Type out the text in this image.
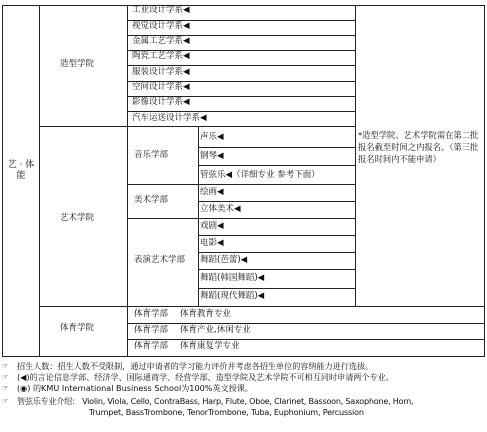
艺 · 体
能
造型学院
艺术学院
体育学院
工业设计学系◀
视觉设计学系◀
金属工艺学系◀
陶瓷工艺学系◀
服装设计学系◀
空间设计学系◀
影像设计学系◀
汽车运送设计学系◀
音乐学部
美术学部
表演艺术学部
声乐◀
钢琴◀
管弦乐◀（详细专业 参考下面）
绘画◀
立体美术◀
戏剧◀
电影◀
舞蹈(芭蕾)◀
舞蹈(韩国舞蹈)◀
舞蹈(现代舞蹈)◀
体育学部 体育教育专业
体育学部 体育产业,休闲专业
体育学部 体育康复学专业
*造型学院、艺术学院需在第二批报名截至时间之内报名。（第三批报名时间内不能申请）
☞ 招生人数：招生人数不受限制，通过申请者的学习能力评价并考虑各招生单位的容纳能力进行选拔。
☞ (◀)的言论信息学部、经济学、国际通商学、经营学部、造型学院及艺术学院不可相互同时申请两个专业。
☞ (◉) 的KMU International Business School为100%英文授课。
☞ 管弦乐专业介绍： Violin, Viola, Cello, ContraBass, Harp, Flute, Oboe, Clarinet, Bassoon, Saxophone, Horn,
Trumpet, BassTrombone, TenorTrombone, Tuba, Euphonium, Percussion
